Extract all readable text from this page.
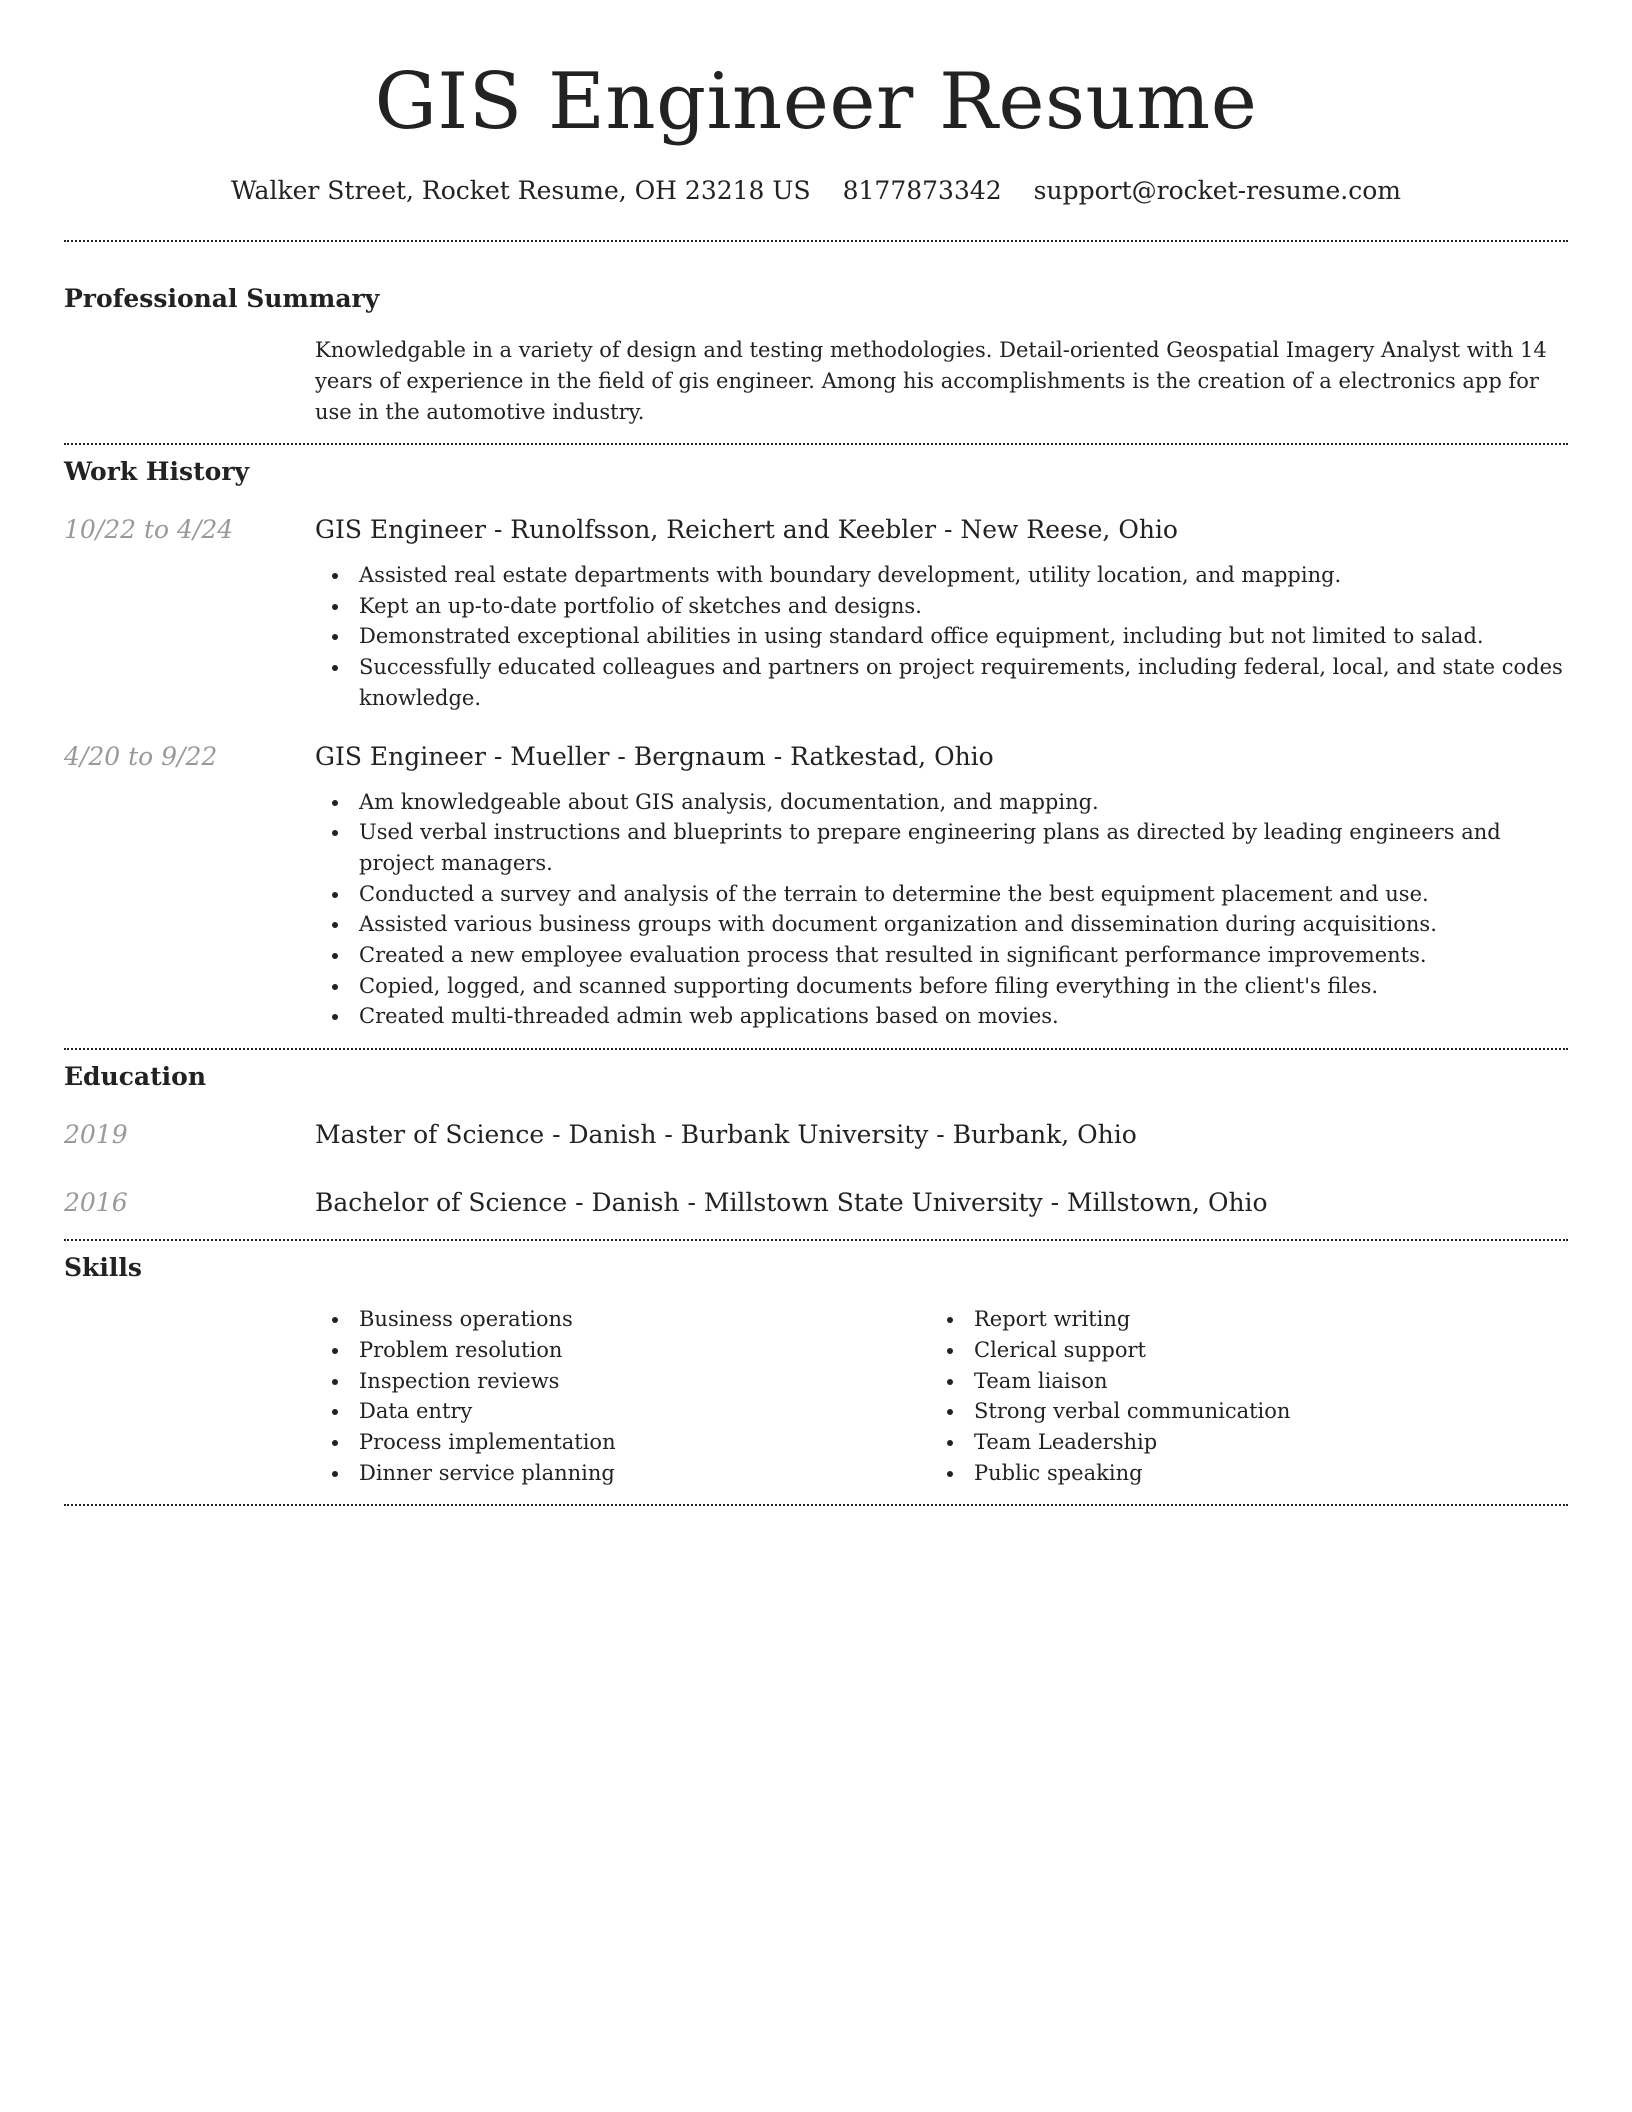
GIS Engineer Resume
Walker Street, Rocket Resume, OH 23218 US 8177873342 support@rocket-resume.com
Professional Summary
Knowledgable in a variety of design and testing methodologies. Detail-oriented Geospatial Imagery Analyst with 14 years of experience in the field of gis engineer. Among his accomplishments is the creation of a electronics app for use in the automotive industry.
Work History
10/22 to 4/24	GIS Engineer - Runolfsson, Reichert and Keebler - New Reese, Ohio
Assisted real estate departments with boundary development, utility location, and mapping.
Kept an up-to-date portfolio of sketches and designs.
Demonstrated exceptional abilities in using standard office equipment, including but not limited to salad.
Successfully educated colleagues and partners on project requirements, including federal, local, and state codes knowledge.
4/20 to 9/22	GIS Engineer - Mueller - Bergnaum - Ratkestad, Ohio
Am knowledgeable about GIS analysis, documentation, and mapping.
Used verbal instructions and blueprints to prepare engineering plans as directed by leading engineers and project managers.
Conducted a survey and analysis of the terrain to determine the best equipment placement and use.
Assisted various business groups with document organization and dissemination during acquisitions.
Created a new employee evaluation process that resulted in significant performance improvements.
Copied, logged, and scanned supporting documents before filing everything in the client's files.
Created multi-threaded admin web applications based on movies.
Education
2019	Master of Science - Danish - Burbank University - Burbank, Ohio
2016	Bachelor of Science - Danish - Millstown State University - Millstown, Ohio
Skills
Business operations
Problem resolution
Inspection reviews
Data entry
Process implementation
Dinner service planning
Report writing
Clerical support
Team liaison
Strong verbal communication
Team Leadership
Public speaking
